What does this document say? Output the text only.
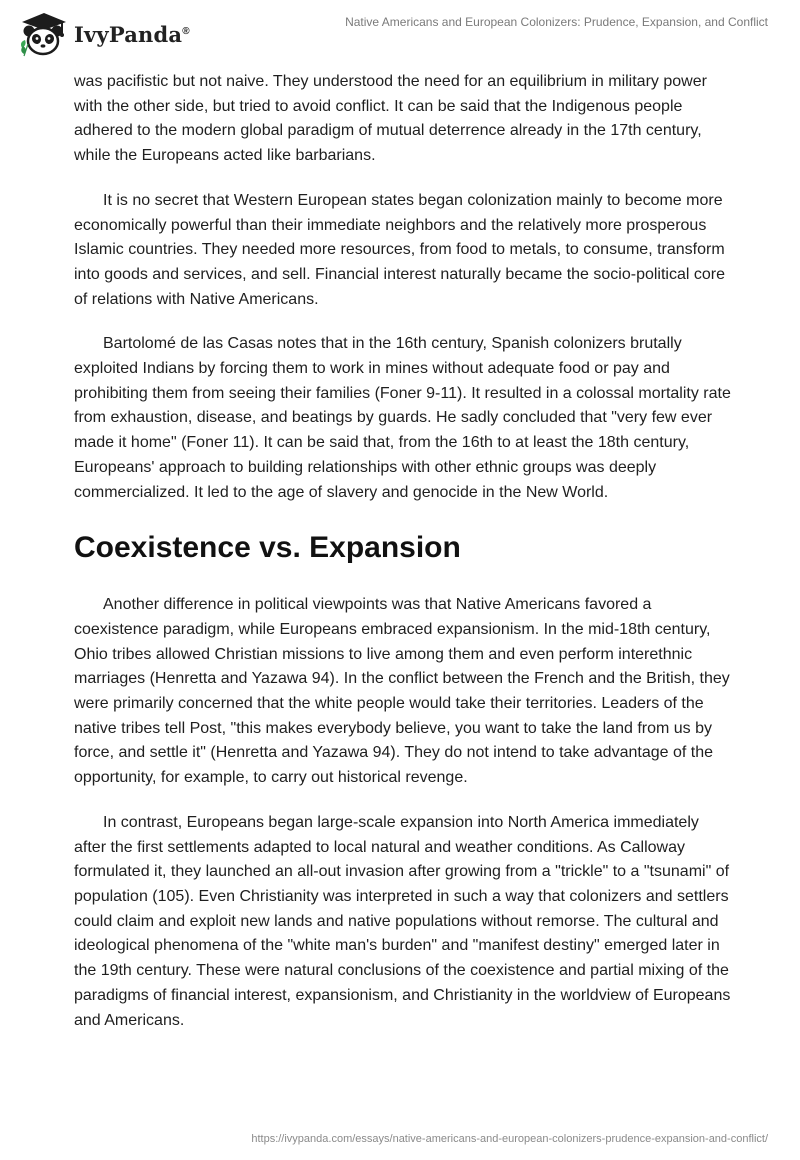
IvyPanda®
Native Americans and European Colonizers: Prudence, Expansion, and Conflict

was pacifistic but not naive. They understood the need for an equilibrium in military power with the other side, but tried to avoid conflict. It can be said that the Indigenous people adhered to the modern global paradigm of mutual deterrence already in the 17th century, while the Europeans acted like barbarians.

It is no secret that Western European states began colonization mainly to become more economically powerful than their immediate neighbors and the relatively more prosperous Islamic countries. They needed more resources, from food to metals, to consume, transform into goods and services, and sell. Financial interest naturally became the socio-political core of relations with Native Americans.

Bartolomé de las Casas notes that in the 16th century, Spanish colonizers brutally exploited Indians by forcing them to work in mines without adequate food or pay and prohibiting them from seeing their families (Foner 9-11). It resulted in a colossal mortality rate from exhaustion, disease, and beatings by guards. He sadly concluded that "very few ever made it home" (Foner 11). It can be said that, from the 16th to at least the 18th century, Europeans' approach to building relationships with other ethnic groups was deeply commercialized. It led to the age of slavery and genocide in the New World.

Coexistence vs. Expansion

Another difference in political viewpoints was that Native Americans favored a coexistence paradigm, while Europeans embraced expansionism. In the mid-18th century, Ohio tribes allowed Christian missions to live among them and even perform interethnic marriages (Henretta and Yazawa 94). In the conflict between the French and the British, they were primarily concerned that the white people would take their territories. Leaders of the native tribes tell Post, "this makes everybody believe, you want to take the land from us by force, and settle it" (Henretta and Yazawa 94). They do not intend to take advantage of the opportunity, for example, to carry out historical revenge.

In contrast, Europeans began large-scale expansion into North America immediately after the first settlements adapted to local natural and weather conditions. As Calloway formulated it, they launched an all-out invasion after growing from a "trickle" to a "tsunami" of population (105). Even Christianity was interpreted in such a way that colonizers and settlers could claim and exploit new lands and native populations without remorse. The cultural and ideological phenomena of the "white man's burden" and "manifest destiny" emerged later in the 19th century. These were natural conclusions of the coexistence and partial mixing of the paradigms of financial interest, expansionism, and Christianity in the worldview of Europeans and Americans.

https://ivypanda.com/essays/native-americans-and-european-colonizers-prudence-expansion-and-conflict/
